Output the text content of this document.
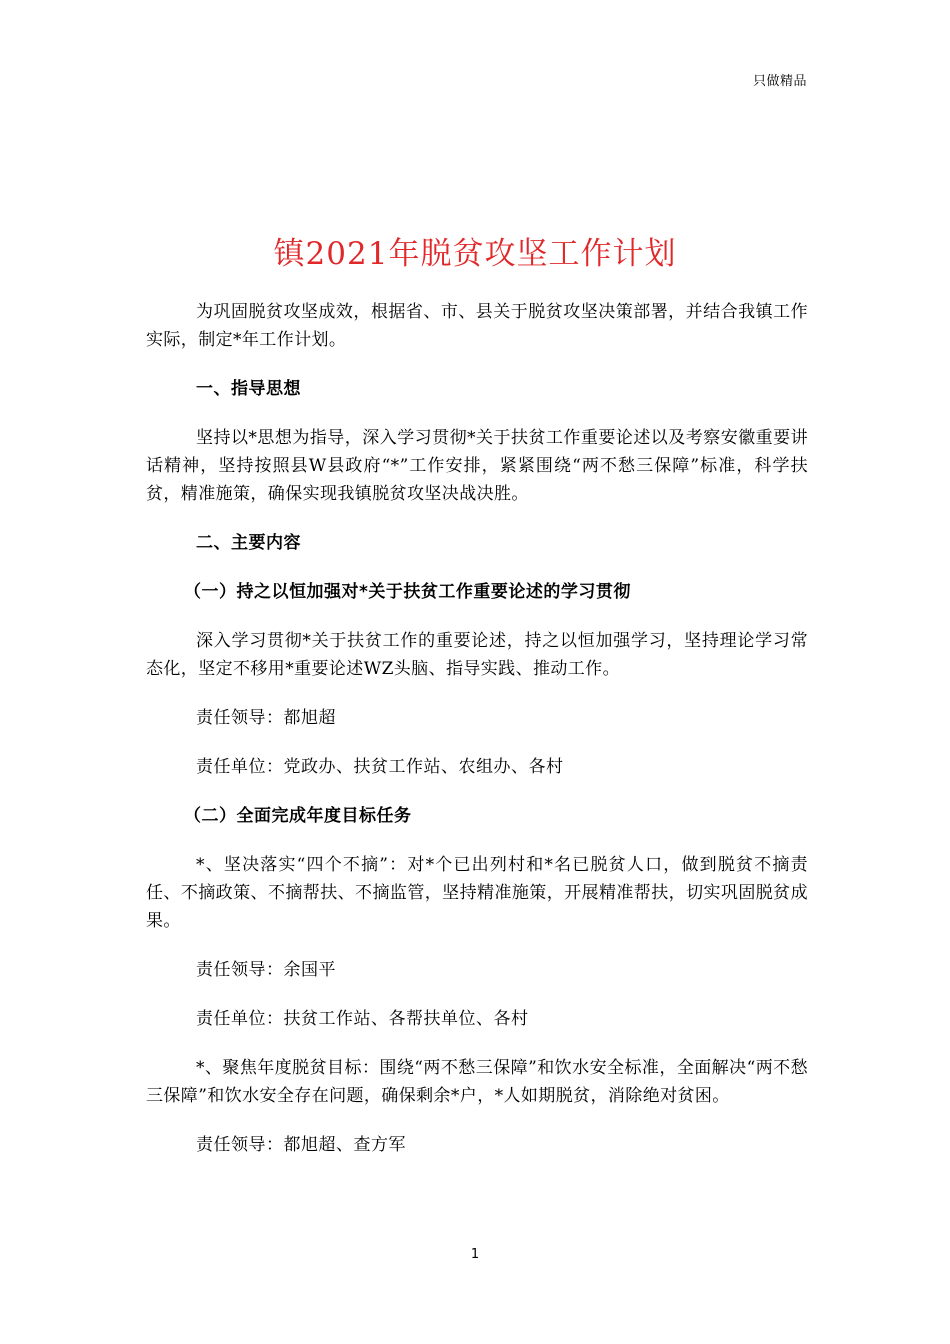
只做精品
镇2021年脱贫攻坚工作计划

为巩固脱贫攻坚成效，根据省、市、县关于脱贫攻坚决策部署，并结合我镇工作实际，制定*年工作计划。

一、指导思想

坚持以*思想为指导，深入学习贯彻*关于扶贫工作重要论述以及考察安徽重要讲话精神，坚持按照县W县政府“*”工作安排，紧紧围绕“两不愁三保障”标准，科学扶贫，精准施策，确保实现我镇脱贫攻坚决战决胜。

二、主要内容

（一）持之以恒加强对*关于扶贫工作重要论述的学习贯彻

深入学习贯彻*关于扶贫工作的重要论述，持之以恒加强学习，坚持理论学习常态化，坚定不移用*重要论述WZ头脑、指导实践、推动工作。

责任领导：都旭超

责任单位：党政办、扶贫工作站、农组办、各村

（二）全面完成年度目标任务

*、坚决落实“四个不摘”：对*个已出列村和*名已脱贫人口，做到脱贫不摘责任、不摘政策、不摘帮扶、不摘监管，坚持精准施策，开展精准帮扶，切实巩固脱贫成果。

责任领导：余国平

责任单位：扶贫工作站、各帮扶单位、各村

*、聚焦年度脱贫目标：围绕“两不愁三保障”和饮水安全标准，全面解决“两不愁三保障”和饮水安全存在问题，确保剩余*户，*人如期脱贫，消除绝对贫困。

责任领导：都旭超、查方军

1
